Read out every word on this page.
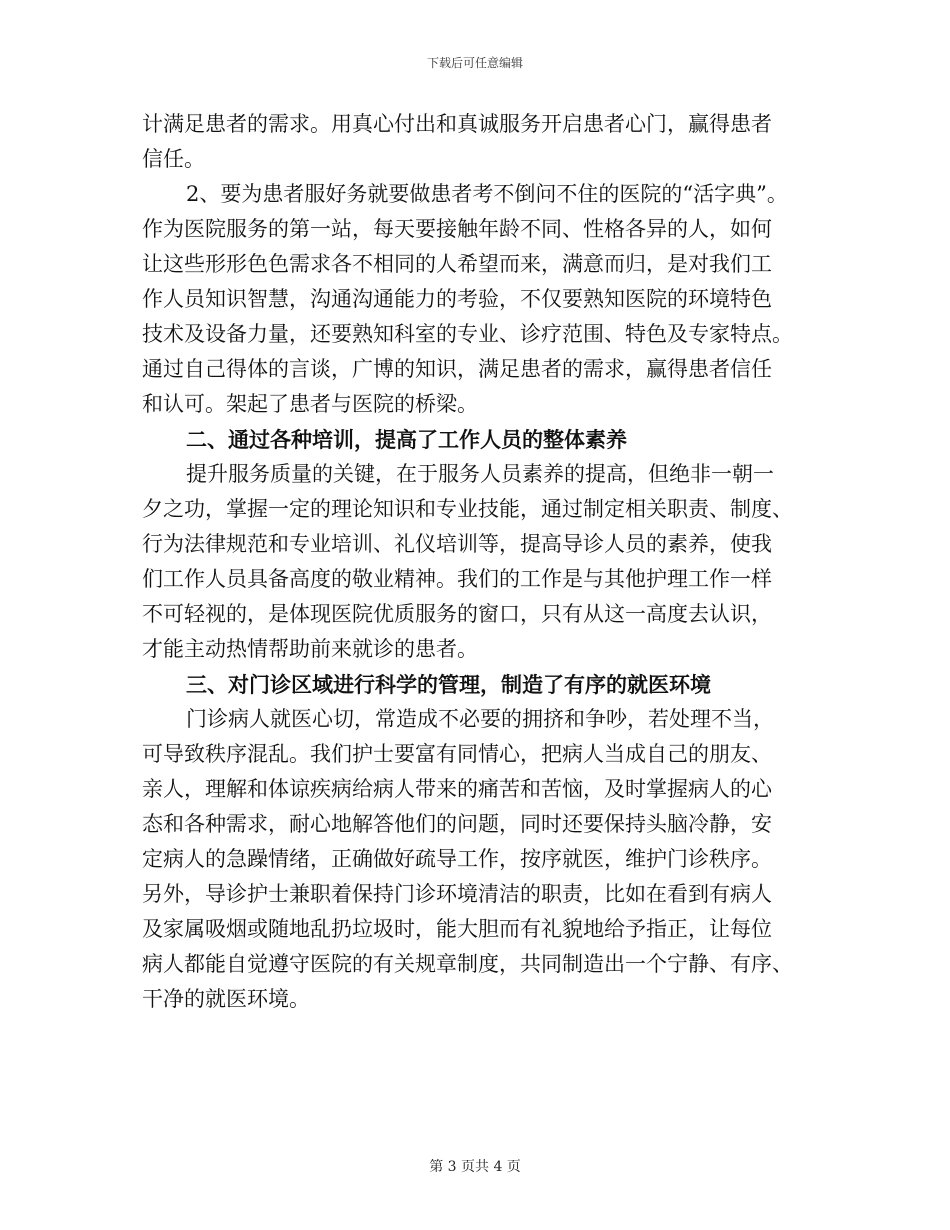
下载后可任意编辑
计满足患者的需求。用真心付出和真诚服务开启患者心门，赢得患者
信任。
2、要为患者服好务就要做患者考不倒问不住的医院的“活字典”。
作为医院服务的第一站，每天要接触年龄不同、性格各异的人，如何
让这些形形色色需求各不相同的人希望而来，满意而归，是对我们工
作人员知识智慧，沟通沟通能力的考验，不仅要熟知医院的环境特色
技术及设备力量，还要熟知科室的专业、诊疗范围、特色及专家特点。
通过自己得体的言谈，广博的知识，满足患者的需求，赢得患者信任
和认可。架起了患者与医院的桥梁。
二、通过各种培训，提高了工作人员的整体素养
提升服务质量的关键，在于服务人员素养的提高，但绝非一朝一
夕之功，掌握一定的理论知识和专业技能，通过制定相关职责、制度、
行为法律规范和专业培训、礼仪培训等，提高导诊人员的素养，使我
们工作人员具备高度的敬业精神。我们的工作是与其他护理工作一样
不可轻视的，是体现医院优质服务的窗口，只有从这一高度去认识，
才能主动热情帮助前来就诊的患者。
三、对门诊区域进行科学的管理，制造了有序的就医环境
门诊病人就医心切，常造成不必要的拥挤和争吵，若处理不当，
可导致秩序混乱。我们护士要富有同情心，把病人当成自己的朋友、
亲人，理解和体谅疾病给病人带来的痛苦和苦恼，及时掌握病人的心
态和各种需求，耐心地解答他们的问题，同时还要保持头脑冷静，安
定病人的急躁情绪，正确做好疏导工作，按序就医，维护门诊秩序。
另外，导诊护士兼职着保持门诊环境清洁的职责，比如在看到有病人
及家属吸烟或随地乱扔垃圾时，能大胆而有礼貌地给予指正，让每位
病人都能自觉遵守医院的有关规章制度，共同制造出一个宁静、有序、
干净的就医环境。
第 3 页共 4 页
